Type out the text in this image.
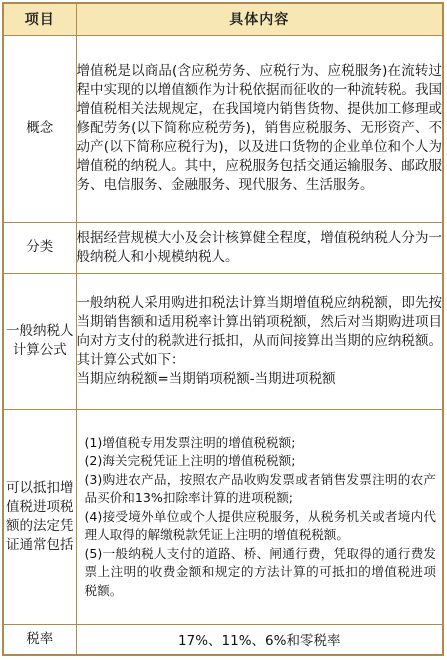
项目	具体内容
概念	增值税是以商品(含应税劳务、应税行为、应税服务)在流转过程中实现的以增值额作为计税依据而征收的一种流转税。我国增值税相关法规规定，在我国境内销售货物、提供加工修理或修配劳务(以下简称应税劳务)，销售应税服务、无形资产、不动产(以下简称应税行为)，以及进口货物的企业单位和个人为增值税的纳税人。其中，应税服务包括交通运输服务、邮政服务、电信服务、金融服务、现代服务、生活服务。
分类	根据经营规模大小及会计核算健全程度，增值税纳税人分为一般纳税人和小规模纳税人。
一般纳税人计算公式	一般纳税人采用购进扣税法计算当期增值税应纳税额，即先按当期销售额和适用税率计算出销项税额，然后对当期购进项目向对方支付的税款进行抵扣，从而间接算出当期的应纳税额。其计算公式如下：
当期应纳税额=当期销项税额-当期进项税额

可以抵扣增值税进项税额的法定凭证通常包括	(1)增值税专用发票注明的增值税税额;
(2)海关完税凭证上注明的增值税税额;
(3)购进农产品，按照农产品收购发票或者销售发票注明的农产品买价和13%扣除率计算的进项税额;
(4)接受境外单位或个人提供应税服务，从税务机关或者境内代理人取得的解缴税款凭证上注明的增值税税额。
(5)一般纳税人支付的道路、桥、闸通行费，凭取得的通行费发票上注明的收费金额和规定的方法计算的可抵扣的增值税进项税额。

税率	17%、11%、6%和零税率
